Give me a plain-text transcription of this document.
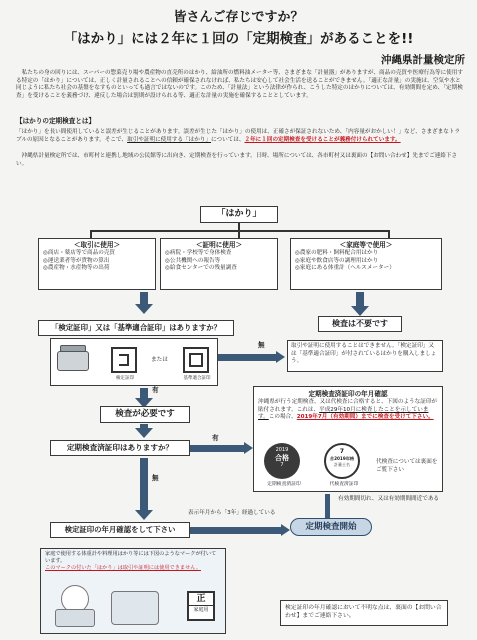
皆さんご存じですか？
「はかり」には２年に１回の「定期検査」があることを!!
沖縄県計量検定所
　私たちの身の回りには、スーパーの惣菜売り場や農産物の直売所のはかり、給油所の燃料油メーター等、さまざまな「計量器」がありますが、商品の売買や医療行為等に使用する特定の「はかり」については、正しく計量されることへの信頼が確保されなければ、私たちは安心して社会生活を送ることができません。「適正な計量」の実施は、空気や水と同じように私たち社会の基盤をなすものといっても過言ではないのです。このため、「計量法」という法律が作られ、こうした特定のはかりについては、有効期間を定め、「定期検査」を受けることを義務づけ、違反した場合は罰則が設けられる等、適正な計量の実施を確保することとしています。
【はかりの定期検査とは】
「はかり」を長い間使用していると誤差が生じることがあります。誤差が生じた「はかり」の使用は、正確さが保証されないため、「内容量がおかしい！」など、さまざまなトラブルの原因となることがあります。そこで、取引や証明に使用する「はかり」については、２年に１回の定期検査を受けることが義務付けられています。
　沖縄県計量検定所では、市町村と連携し地域の公民館等に出向き、定期検査を行っています。日時、場所については、各市町村又は裏面の【お問い合わせ】先までご連絡下さい。
「はかり」
＜取引に使用＞
◎商店・薬店等で商品の売買
◎運送業者等が貨物の算出
◎農産物・水産物等の出荷
＜証明に使用＞
◎病院・学校等で身体検査
◎公共機関への報告等
◎給食センターでの残量調査
＜家庭等で使用＞
◎農家の肥料・飼料配合用はかり
◎家庭や飲食店等の調理用はかり
◎家庭にある体重計（ヘルスメーター）
検査は不要です
「検定証印」又は「基準適合証印」はありますか？
検定証印
または
基準適合証印
無	取引や証明に使用することはできません。「検定証印」又は「基準適合証印」が付されているはかりを購入しましょう。
有
検査が必要です
定期検査済証印はありますか？
有
定期検査済証印の年月確認
沖縄県が行う定期検査、又は代検査に合格すると、下図のような証印が貼付されます。これは、平成29年10月に検査したことを示しています。この場合、2019年7月（有効期間）までに検査を受けて下さい。
2019
合格
7
定期検査済証印
7
合2019年格
計量士名
代検査済証印
代検査については裏面をご覧下さい
無
検定証印の年月確認をして下さい
表示年月から「3年」経過している
有効期間切れ、又は有効期間間近である
定期検査開始
家庭で使用する体重計や料理用はかり等には下図のようなマークが付いています。
このマークの付いた「はかり」は取引や証明には使用できません。
正
家庭用	検定証印の年月確認において不明な点は、裏面の【お問い合わせ】までご連絡下さい。
